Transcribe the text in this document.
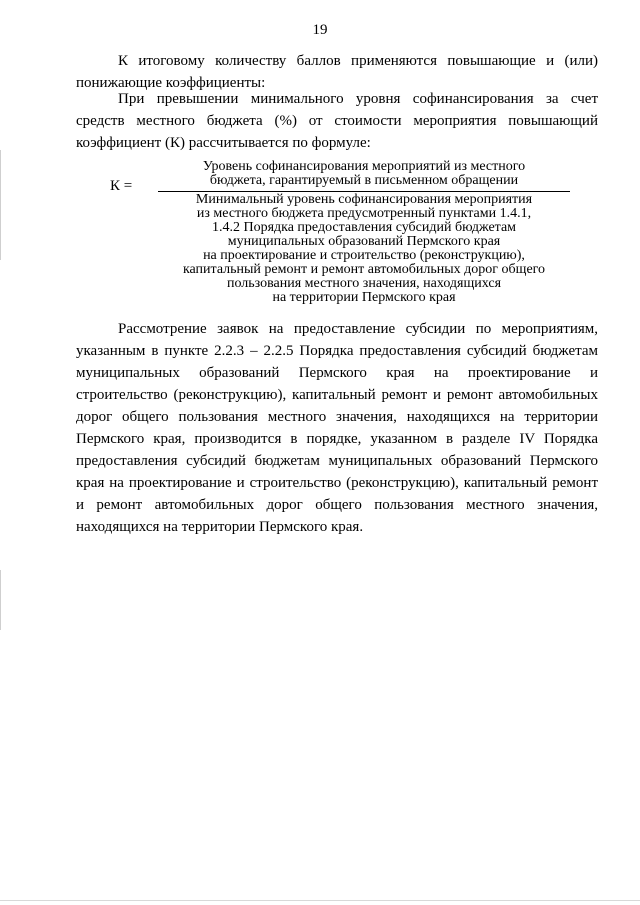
19
К итоговому количеству баллов применяются повышающие и (или) понижающие коэффициенты:
При превышении минимального уровня софинансирования за счет средств местного бюджета (%) от стоимости мероприятия повышающий коэффициент (К) рассчитывается по формуле:
К =
Уровень софинансирования мероприятий из местного
бюджета, гарантируемый в письменном обращении
Минимальный уровень софинансирования мероприятия
из местного бюджета предусмотренный пунктами 1.4.1,
1.4.2 Порядка предоставления субсидий бюджетам
муниципальных образований Пермского края
на проектирование и строительство (реконструкцию),
капитальный ремонт и ремонт автомобильных дорог общего
пользования местного значения, находящихся
на территории Пермского края
Рассмотрение заявок на предоставление субсидии по мероприятиям, указанным в пункте 2.2.3 – 2.2.5 Порядка предоставления субсидий бюджетам муниципальных образований Пермского края на проектирование и строительство (реконструкцию), капитальный ремонт и ремонт автомобильных дорог общего пользования местного значения, находящихся на территории Пермского края, производится в порядке, указанном в разделе IV Порядка предоставления субсидий бюджетам муниципальных образований Пермского края на проектирование и строительство (реконструкцию), капитальный ремонт и ремонт автомобильных дорог общего пользования местного значения, находящихся на территории Пермского края.
